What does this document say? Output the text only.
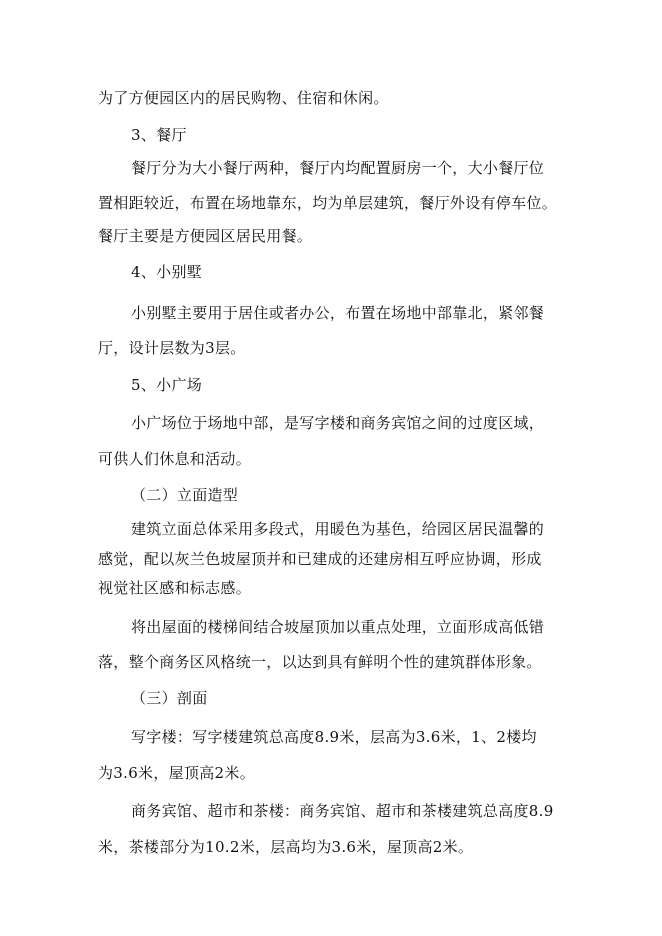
为了方便园区内的居民购物、住宿和休闲。
3、餐厅
餐厅分为大小餐厅两种，餐厅内均配置厨房一个，大小餐厅位
置相距较近，布置在场地靠东，均为单层建筑，餐厅外设有停车位。
餐厅主要是方便园区居民用餐。
4、小别墅
小别墅主要用于居住或者办公，布置在场地中部靠北，紧邻餐
厅，设计层数为3层。
5、小广场
小广场位于场地中部，是写字楼和商务宾馆之间的过度区域，
可供人们休息和活动。
（二）立面造型
建筑立面总体采用多段式，用暖色为基色，给园区居民温馨的
感觉，配以灰兰色坡屋顶并和已建成的还建房相互呼应协调，形成
视觉社区感和标志感。
将出屋面的楼梯间结合坡屋顶加以重点处理，立面形成高低错
落，整个商务区风格统一，以达到具有鲜明个性的建筑群体形象。
（三）剖面
写字楼：写字楼建筑总高度8.9米，层高为3.6米，1、2楼均
为3.6米，屋顶高2米。
商务宾馆、超市和茶楼：商务宾馆、超市和茶楼建筑总高度8.9
米，茶楼部分为10.2米，层高均为3.6米，屋顶高2米。
